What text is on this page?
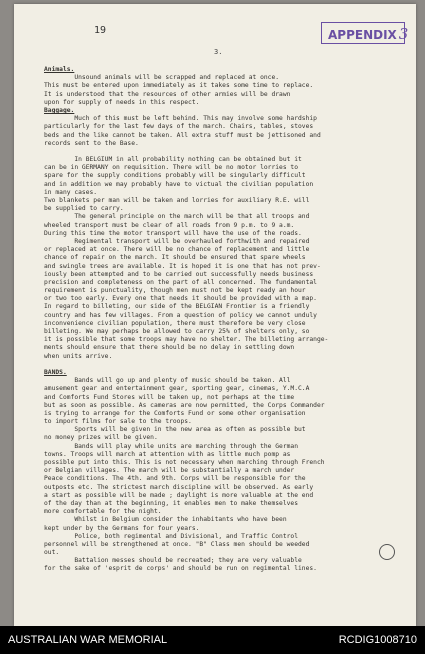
19	APPENDIX 3
3.
Animals.
Unsound animals will be scrapped and replaced at once.
This must be entered upon immediately as it takes some time to replace.
It is understood that the resources of other armies will be drawn
upon for supply of needs in this respect.
Baggage.
Much of this must be left behind. This may involve some hardship
particularly for the last few days of the march. Chairs, tables, stoves
beds and the like cannot be taken. All extra stuff must be jettisoned and
records sent to the Base.
In BELGIUM in all probability nothing can be obtained but it
can be in GERMANY on requisition. There will be no motor lorries to
spare for the supply conditions probably will be singularly difficult
and in addition we may probably have to victual the civilian population
in many cases.
Two blankets per man will be taken and lorries for auxiliary R.E. will
be supplied to carry.
The general principle on the march will be that all troops and
wheeled transport must be clear of all roads from 9 p.m. to 9 a.m.
During this time the motor transport will have the use of the roads.
Regimental transport will be overhauled forthwith and repaired
or replaced at once. There will be no chance of replacement and little
chance of repair on the march. It should be ensured that spare wheels
and swingle trees are available. It is hoped it is one that has not prev-
iously been attempted and to be carried out successfully needs business
precision and completeness on the part of all concerned. The fundamental
requirement is punctuality, though men must not be kept ready an hour
or two too early. Every one that needs it should be provided with a map.
In regard to billeting, our side of the BELGIAN Frontier is a friendly
country and has few villages. From a question of policy we cannot unduly
inconvenience civilian population, there must therefore be very close
billeting. We may perhaps be allowed to carry 25% of shelters only, so
it is possible that some troops may have no shelter. The billeting arrange-
ments should ensure that there should be no delay in settling down
when units arrive.
BANDS.
Bands will go up and plenty of music should be taken. All
amusement gear and entertainment gear, sporting gear, cinemas, Y.M.C.A
and Comforts Fund Stores will be taken up, not perhaps at the time
but as soon as possible. As cameras are now permitted, the Corps Commander
is trying to arrange for the Comforts Fund or some other organisation
to import films for sale to the troops.
Sports will be given in the new area as often as possible but
no money prizes will be given.
Bands will play while units are marching through the German
towns. Troops will march at attention with as little much pomp as
possible put into this. This is not necessary when marching through French
or Belgian villages. The march will be substantially a march under
Peace conditions. The 4th. and 9th. Corps will be responsible for the
outposts etc. The strictest march discipline will be observed. As early
a start as possible will be made ; daylight is more valuable at the end
of the day than at the beginning, it enables men to make themselves
more comfortable for the night.
Whilst in Belgium consider the inhabitants who have been
kept under by the Germans for four years.
Police, both regimental and Divisional, and Traffic Control
personnel will be strengthened at once. "B" Class men should be weeded
out.
Battalion messes should be recreated; they are very valuable
for the sake of 'esprit de corps' and should be run on regimental lines.
AUSTRALIAN WAR MEMORIAL	RCDIG1008710
